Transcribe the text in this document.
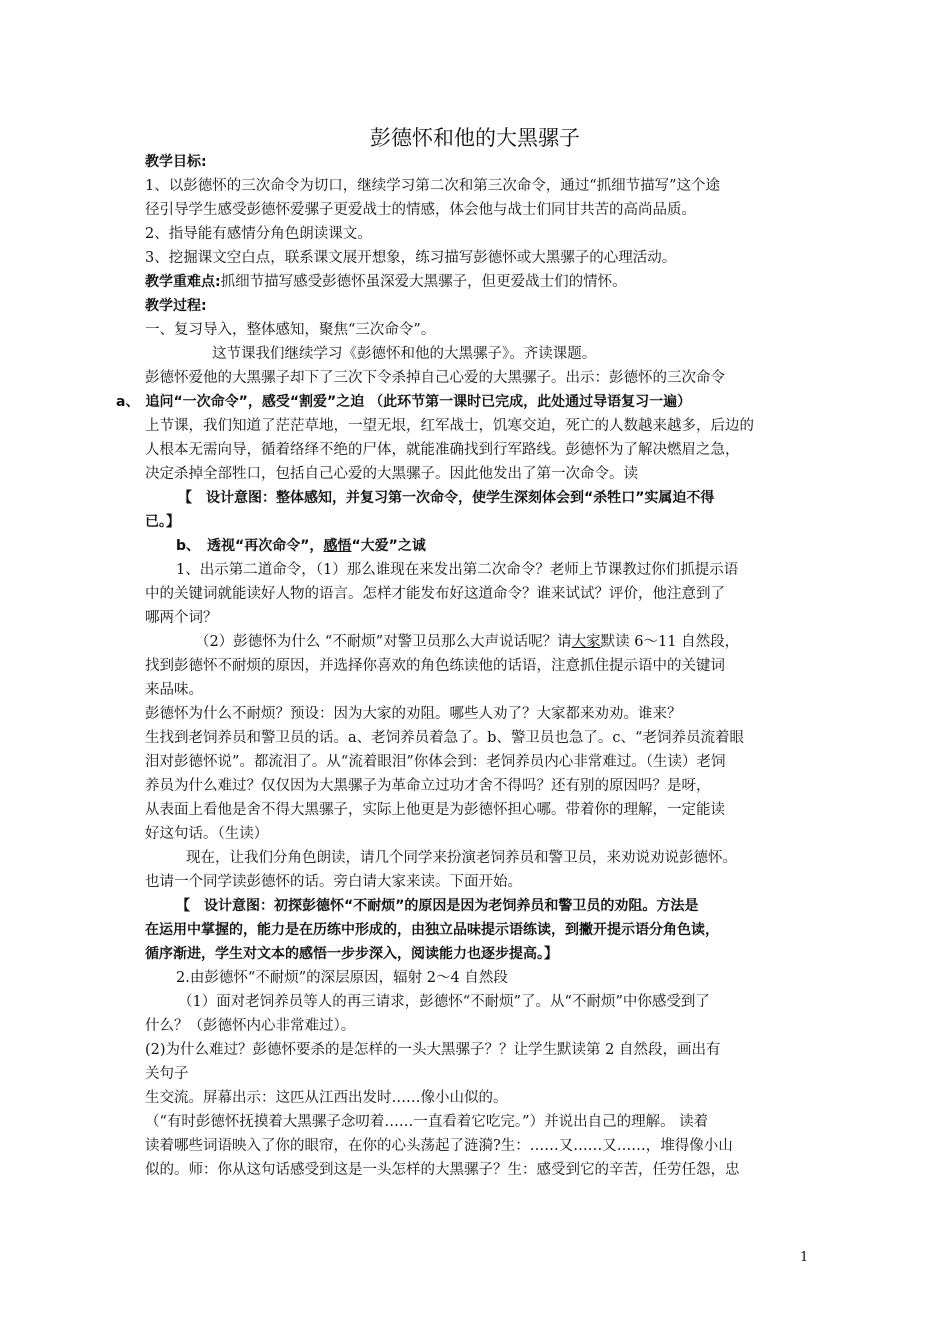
彭德怀和他的大黑骡子
教学目标:
1、以彭德怀的三次命令为切口，继续学习第二次和第三次命令，通过“抓细节描写”这个途
径引导学生感受彭德怀爱骡子更爱战士的情感，体会他与战士们同甘共苦的高尚品质。
2、指导能有感情分角色朗读课文。
3、挖掘课文空白点，联系课文展开想象，练习描写彭德怀或大黑骡子的心理活动。
教学重难点:抓细节描写感受彭德怀虽深爱大黑骡子，但更爱战士们的情怀。
教学过程:
一、复习导入，整体感知，聚焦“三次命令”。
这节课我们继续学习《彭德怀和他的大黑骡子》。齐读课题。
彭德怀爱他的大黑骡子却下了三次下令杀掉自己心爱的大黑骡子。出示：彭德怀的三次命令
a、 追问“一次命令”，感受“割爱”之迫 （此环节第一课时已完成，此处通过导语复习一遍）
上节课，我们知道了茫茫草地，一望无垠，红军战士，饥寒交迫，死亡的人数越来越多，后边的
人根本无需向导，循着络绎不绝的尸体，就能准确找到行军路线。彭德怀为了解决燃眉之急，
决定杀掉全部牲口，包括自己心爱的大黑骡子。因此他发出了第一次命令。读
【　设计意图：整体感知，并复习第一次命令，使学生深刻体会到“杀牲口”实属迫不得
已。】
b、　透视“再次命令”，感悟“大爱”之诚
1、出示第二道命令，（1）那么谁现在来发出第二次命令？老师上节课教过你们抓提示语
中的关键词就能读好人物的语言。怎样才能发布好这道命令？谁来试试？评价，他注意到了
哪两个词？
（2）彭德怀为什么 “不耐烦”对警卫员那么大声说话呢？请大家默读 6～11 自然段，
找到彭德怀不耐烦的原因，并选择你喜欢的角色练读他的话语，注意抓住提示语中的关键词
来品味。
彭德怀为什么不耐烦？预设：因为大家的劝阻。哪些人劝了？大家都来劝劝。谁来？
生找到老饲养员和警卫员的话。a、老饲养员着急了。b、警卫员也急了。c、“老饲养员流着眼
泪对彭德怀说”。都流泪了。从“流着眼泪”你体会到：老饲养员内心非常难过。（生读）老饲
养员为什么难过？仅仅因为大黑骡子为革命立过功才舍不得吗？还有别的原因吗？是呀，
从表面上看他是舍不得大黑骡子，实际上他更是为彭德怀担心哪。带着你的理解，一定能读
好这句话。（生读）
现在，让我们分角色朗读，请几个同学来扮演老饲养员和警卫员，来劝说劝说彭德怀。
也请一个同学读彭德怀的话。旁白请大家来读。下面开始。
【　设计意图：初探彭德怀“不耐烦”的原因是因为老饲养员和警卫员的劝阻。方法是
在运用中掌握的，能力是在历练中形成的，由独立品味提示语练读，到撇开提示语分角色读，
循序渐进，学生对文本的感悟一步步深入，阅读能力也逐步提高。】
2.由彭德怀“不耐烦”的深层原因，辐射 2～4 自然段
（1）面对老饲养员等人的再三请求，彭德怀“不耐烦”了。从“不耐烦”中你感受到了
什么？（彭德怀内心非常难过）。
(2)为什么难过？彭德怀要杀的是怎样的一头大黑骡子？？让学生默读第 2 自然段，画出有
关句子
生交流。屏幕出示：这匹从江西出发时……像小山似的。
（“有时彭德怀抚摸着大黑骡子念叨着……一直看着它吃完。”）并说出自己的理解。 读着
读着哪些词语映入了你的眼帘，在你的心头荡起了涟漪?生：……又……又……，堆得像小山
似的。师：你从这句话感受到这是一头怎样的大黑骡子？生：感受到它的辛苦，任劳任怨，忠
1
